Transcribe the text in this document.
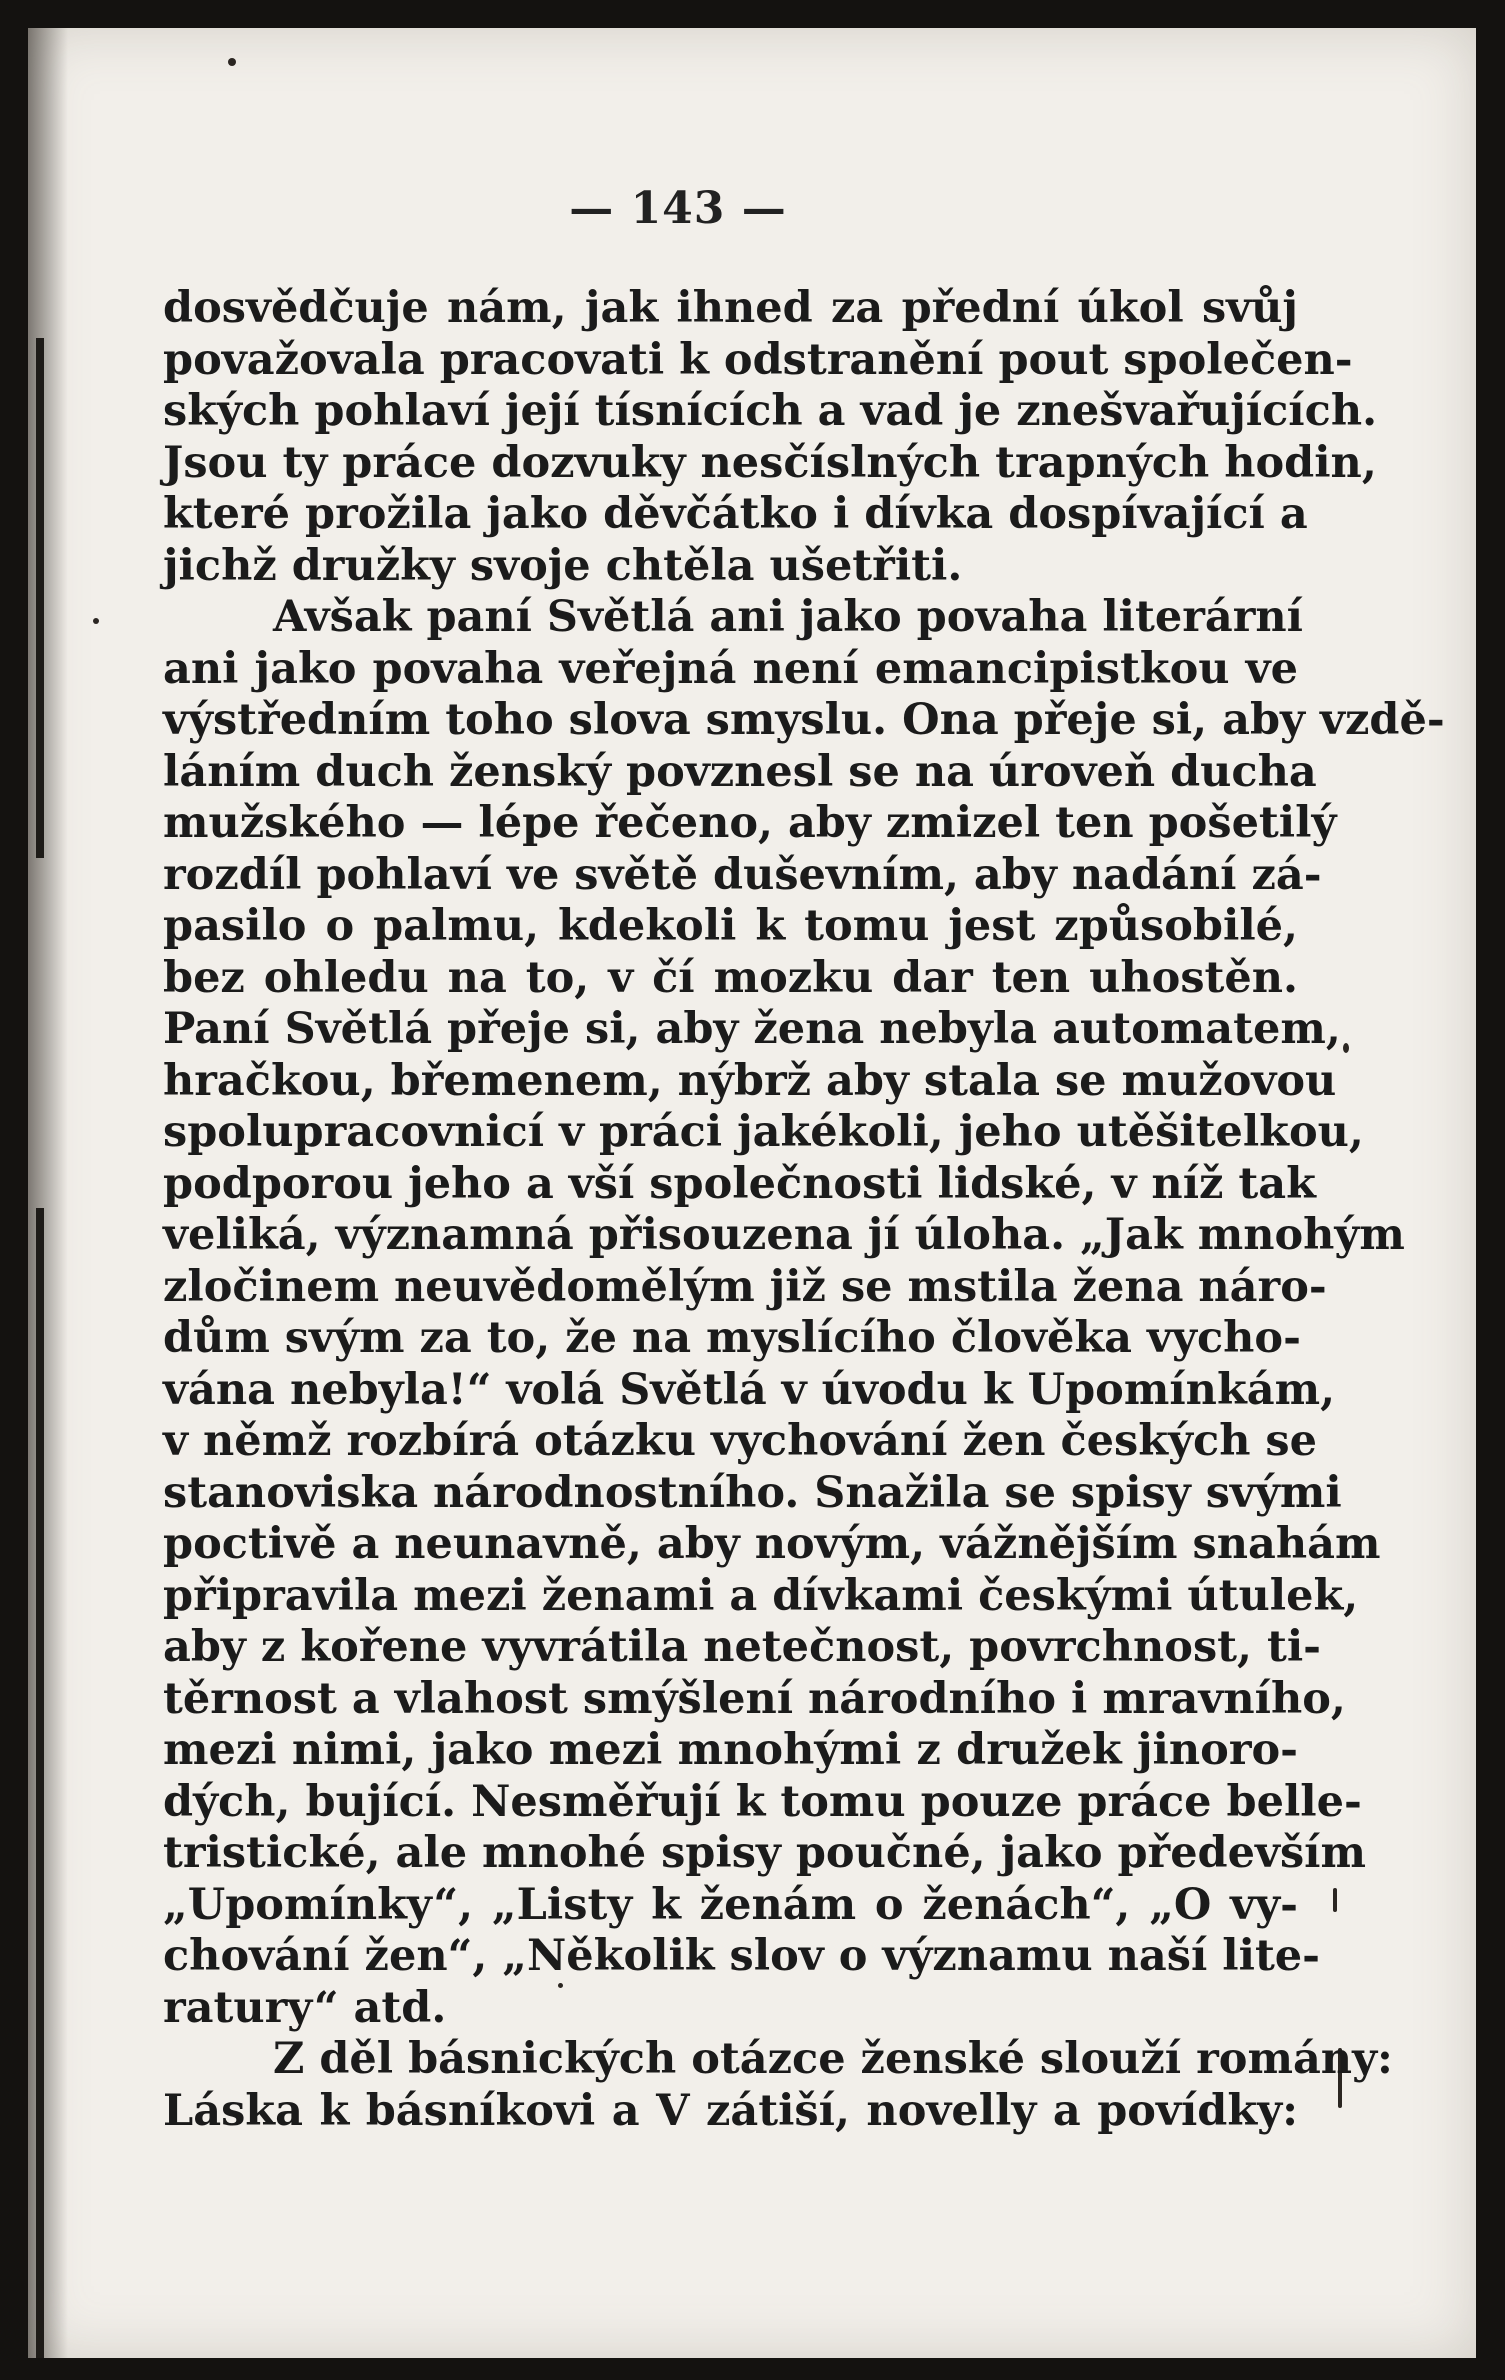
— 143 —
dosvědčuje nám, jak ihned za přední úkol svůj
považovala pracovati k odstranění pout společen-
ských pohlaví její tísnících a vad je znešvařujících.
Jsou ty práce dozvuky nesčíslných trapných hodin,
které prožila jako děvčátko i dívka dospívající a
jichž družky svoje chtěla ušetřiti.
Avšak paní Světlá ani jako povaha literární
ani jako povaha veřejná není emancipistkou ve
výstředním toho slova smyslu. Ona přeje si, aby vzdě-
láním duch ženský povznesl se na úroveň ducha
mužského — lépe řečeno, aby zmizel ten pošetilý
rozdíl pohlaví ve světě duševním, aby nadání zá-
pasilo o palmu, kdekoli k tomu jest způsobilé,
bez ohledu na to, v čí mozku dar ten uhostěn.
Paní Světlá přeje si, aby žena nebyla automatem,
hračkou, břemenem, nýbrž aby stala se mužovou
spolupracovnicí v práci jakékoli, jeho utěšitelkou,
podporou jeho a vší společnosti lidské, v níž tak
veliká, významná přisouzena jí úloha. „Jak mnohým
zločinem neuvědomělým již se mstila žena náro-
dům svým za to, že na myslícího člověka vycho-
vána nebyla!“ volá Světlá v úvodu k Upomínkám,
v němž rozbírá otázku vychování žen českých se
stanoviska národnostního. Snažila se spisy svými
poctivě a neunavně, aby novým, vážnějším snahám
připravila mezi ženami a dívkami českými útulek,
aby z kořene vyvrátila netečnost, povrchnost, ti-
těrnost a vlahost smýšlení národního i mravního,
mezi nimi, jako mezi mnohými z družek jinoro-
dých, bující. Nesměřují k tomu pouze práce belle-
tristické, ale mnohé spisy poučné, jako především
„Upomínky“, „Listy k ženám o ženách“, „O vy-
chování žen“, „Několik slov o významu naší lite-
ratury“ atd.
Z děl básnických otázce ženské slouží romány:
Láska k básníkovi a V zátiší, novelly a povídky:
